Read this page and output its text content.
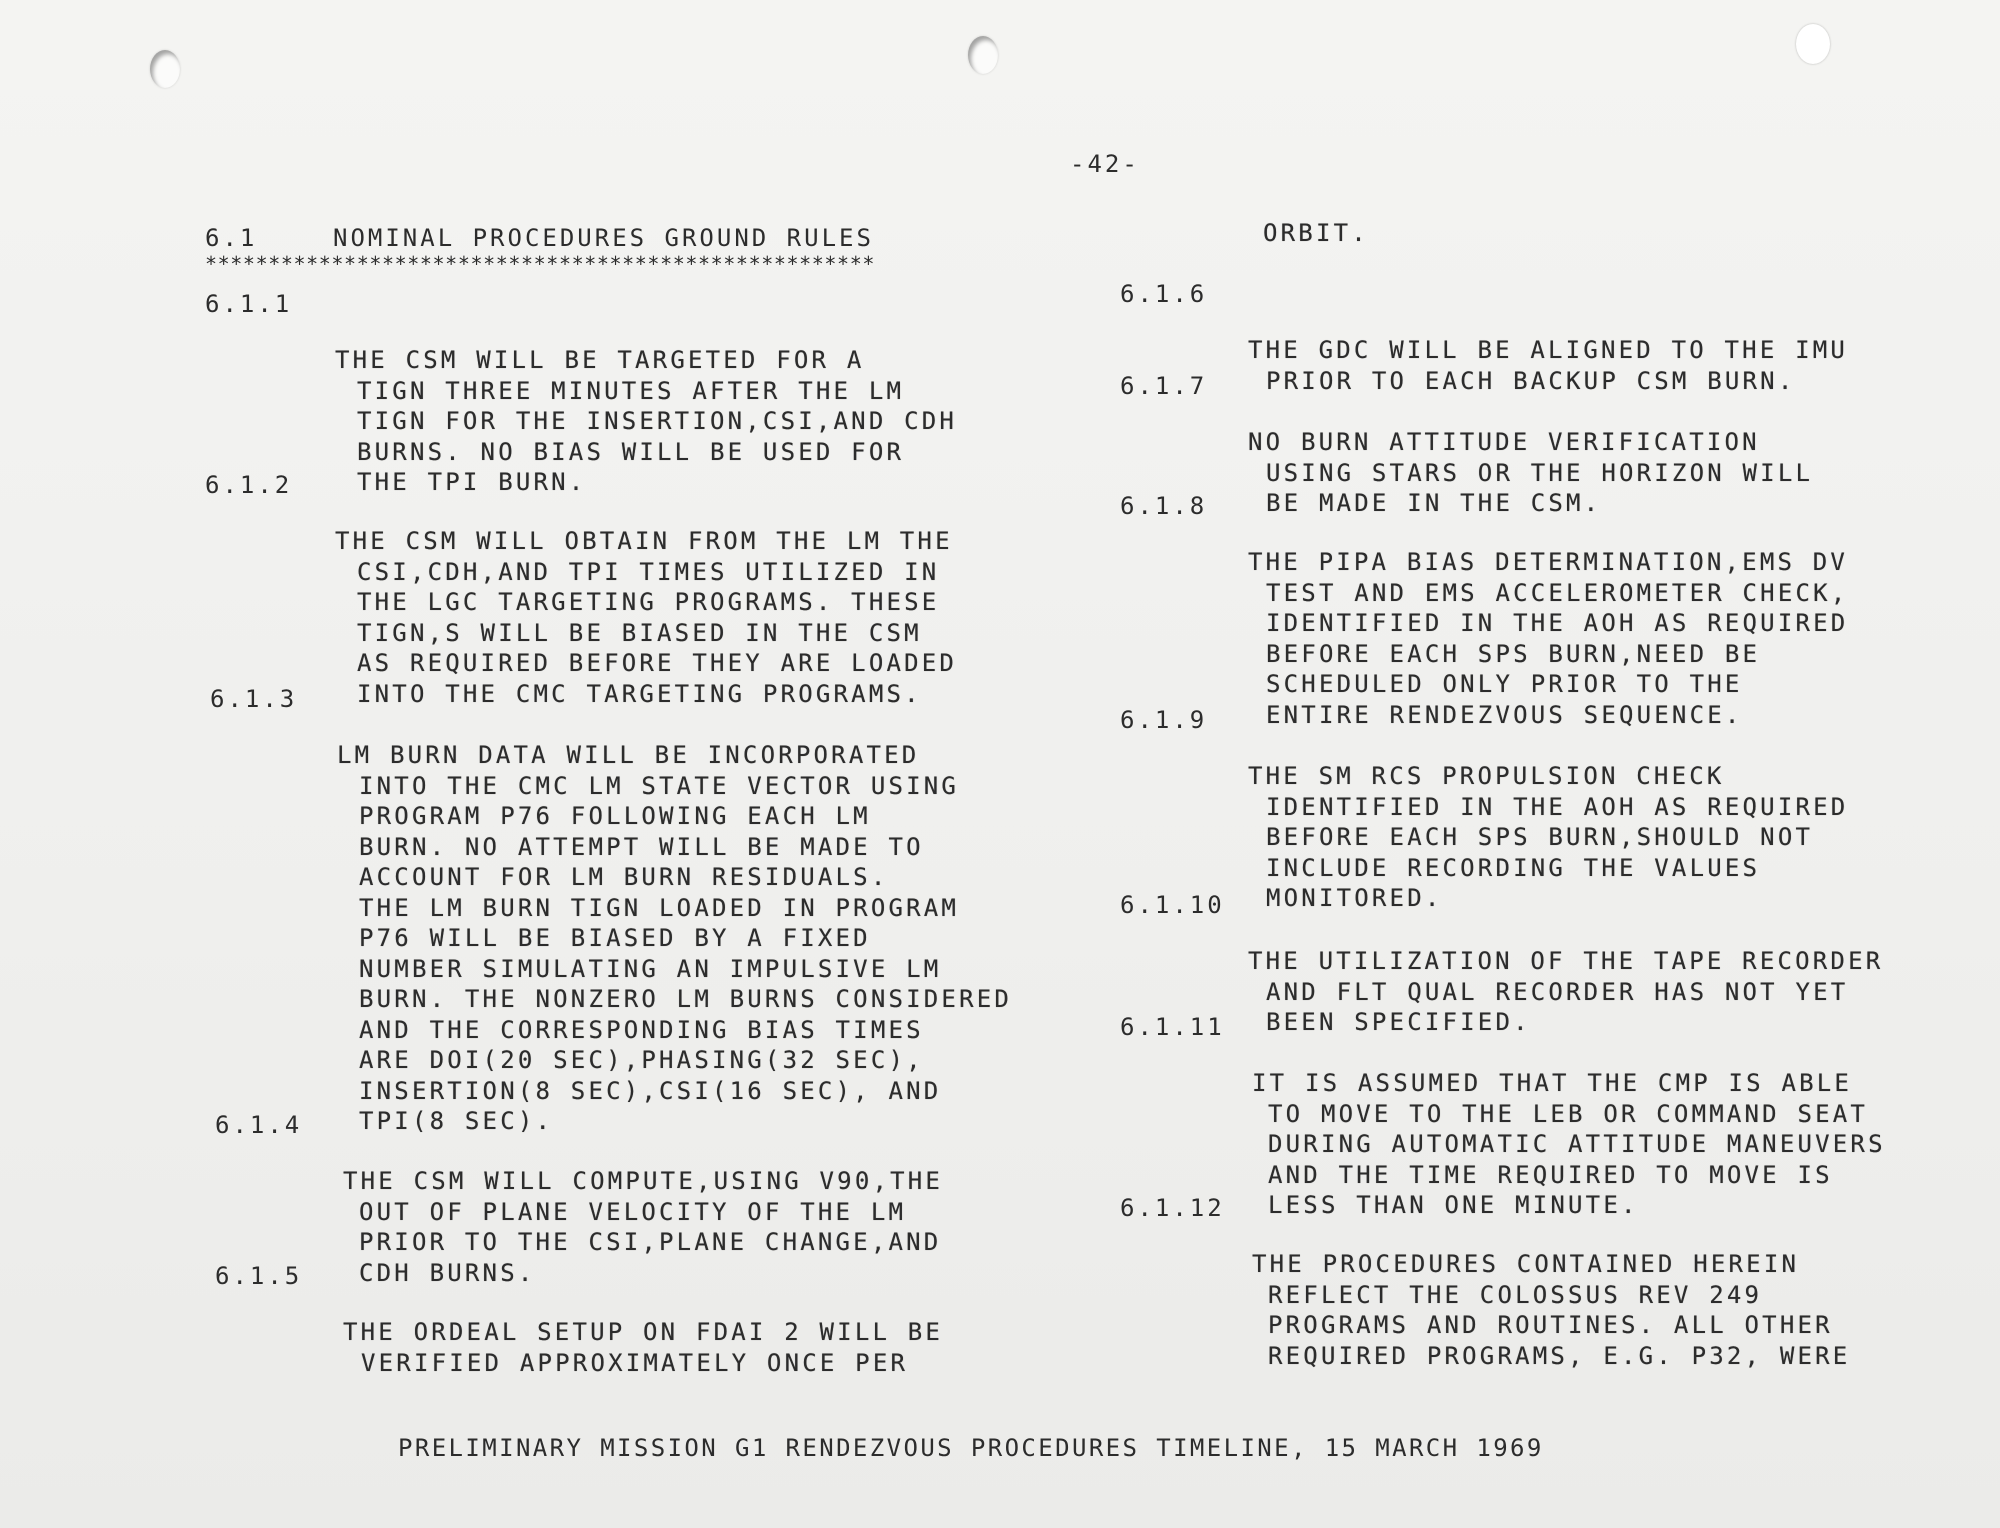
-42-
6.1	NOMINAL PROCEDURES GROUND RULES
*****************************************************
6.1.1

THE CSM WILL BE TARGETED FOR A
TIGN THREE MINUTES AFTER THE LM
TIGN FOR THE INSERTION,CSI,AND CDH
BURNS. NO BIAS WILL BE USED FOR
THE TPI BURN.

6.1.2

THE CSM WILL OBTAIN FROM THE LM THE
CSI,CDH,AND TPI TIMES UTILIZED IN
THE LGC TARGETING PROGRAMS. THESE
TIGN,S WILL BE BIASED IN THE CSM
AS REQUIRED BEFORE THEY ARE LOADED
INTO THE CMC TARGETING PROGRAMS.

6.1.3

LM BURN DATA WILL BE INCORPORATED
INTO THE CMC LM STATE VECTOR USING
PROGRAM P76 FOLLOWING EACH LM
BURN. NO ATTEMPT WILL BE MADE TO
ACCOUNT FOR LM BURN RESIDUALS.
THE LM BURN TIGN LOADED IN PROGRAM
P76 WILL BE BIASED BY A FIXED
NUMBER SIMULATING AN IMPULSIVE LM
BURN. THE NONZERO LM BURNS CONSIDERED
AND THE CORRESPONDING BIAS TIMES
ARE DOI(20 SEC),PHASING(32 SEC),
INSERTION(8 SEC),CSI(16 SEC), AND
TPI(8 SEC).

6.1.4

THE CSM WILL COMPUTE,USING V90,THE
OUT OF PLANE VELOCITY OF THE LM
PRIOR TO THE CSI,PLANE CHANGE,AND
CDH BURNS.

6.1.5

THE ORDEAL SETUP ON FDAI 2 WILL BE
VERIFIED APPROXIMATELY ONCE PER

ORBIT.
6.1.6

THE GDC WILL BE ALIGNED TO THE IMU
PRIOR TO EACH BACKUP CSM BURN.

6.1.7

NO BURN ATTITUDE VERIFICATION
USING STARS OR THE HORIZON WILL
BE MADE IN THE CSM.

6.1.8

THE PIPA BIAS DETERMINATION,EMS DV
TEST AND EMS ACCELEROMETER CHECK,
IDENTIFIED IN THE AOH AS REQUIRED
BEFORE EACH SPS BURN,NEED BE
SCHEDULED ONLY PRIOR TO THE
ENTIRE RENDEZVOUS SEQUENCE.

6.1.9

THE SM RCS PROPULSION CHECK
IDENTIFIED IN THE AOH AS REQUIRED
BEFORE EACH SPS BURN,SHOULD NOT
INCLUDE RECORDING THE VALUES
MONITORED.

6.1.10

THE UTILIZATION OF THE TAPE RECORDER
AND FLT QUAL RECORDER HAS NOT YET
BEEN SPECIFIED.

6.1.11

IT IS ASSUMED THAT THE CMP IS ABLE
TO MOVE TO THE LEB OR COMMAND SEAT
DURING AUTOMATIC ATTITUDE MANEUVERS
AND THE TIME REQUIRED TO MOVE IS
LESS THAN ONE MINUTE.

6.1.12

THE PROCEDURES CONTAINED HEREIN
REFLECT THE COLOSSUS REV 249
PROGRAMS AND ROUTINES. ALL OTHER
REQUIRED PROGRAMS, E.G. P32, WERE

PRELIMINARY MISSION G1 RENDEZVOUS PROCEDURES TIMELINE, 15 MARCH 1969
